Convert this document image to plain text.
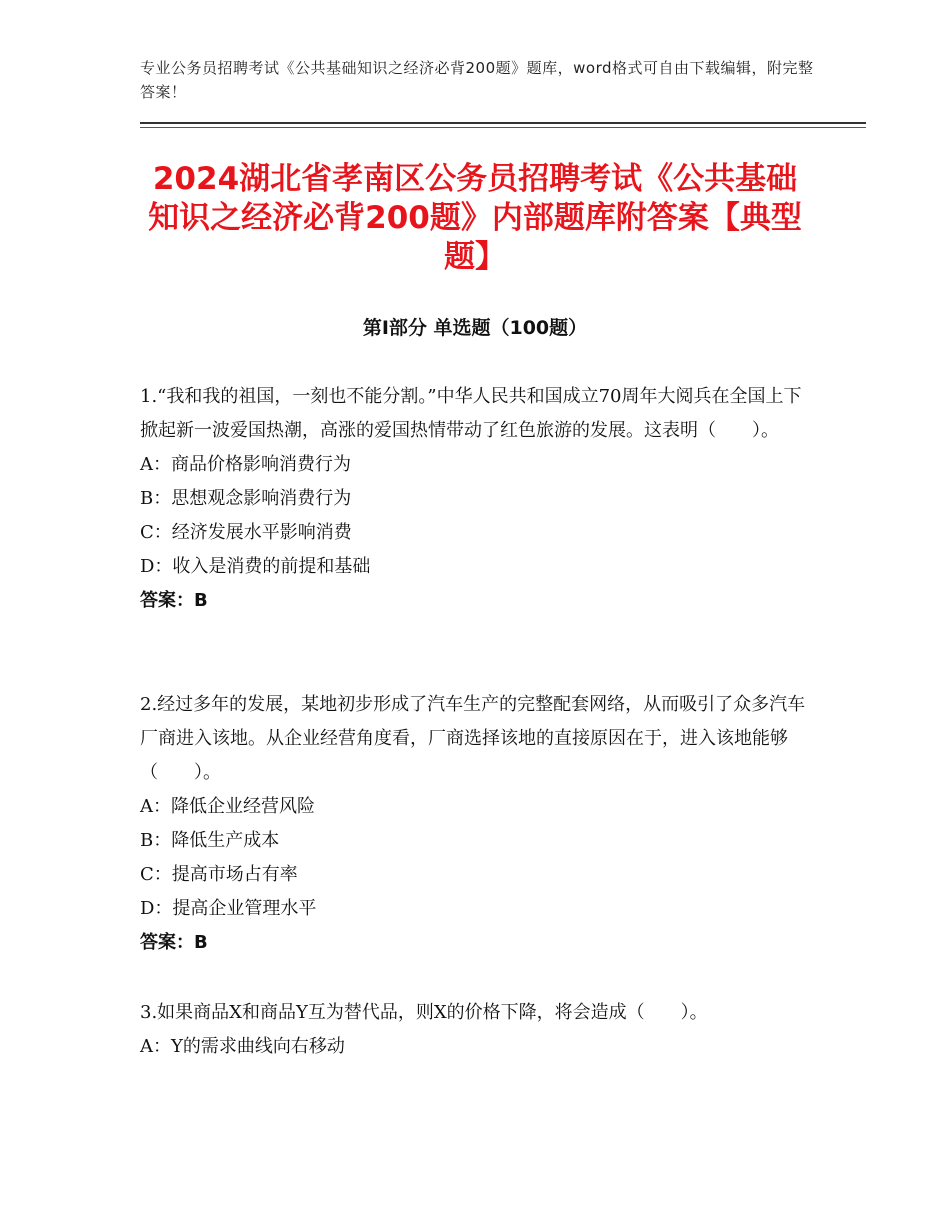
专业公务员招聘考试《公共基础知识之经济必背200题》题库，word格式可自由下载编辑，附完整答案！
2024湖北省孝南区公务员招聘考试《公共基础知识之经济必背200题》内部题库附答案【典型题】
第Ⅰ部分 单选题（100题）

1.“我和我的祖国，一刻也不能分割。”中华人民共和国成立70周年大阅兵在全国上下掀起新一波爱国热潮，高涨的爱国热情带动了红色旅游的发展。这表明（　　）。

A：商品价格影响消费行为

B：思想观念影响消费行为

C：经济发展水平影响消费

D：收入是消费的前提和基础

答案：B

2.经过多年的发展，某地初步形成了汽车生产的完整配套网络，从而吸引了众多汽车厂商进入该地。从企业经营角度看，厂商选择该地的直接原因在于，进入该地能够（　　）。

A：降低企业经营风险

B：降低生产成本

C：提高市场占有率

D：提高企业管理水平

答案：B

3.如果商品X和商品Y互为替代品，则X的价格下降，将会造成（　　）。

A：Y的需求曲线向右移动
